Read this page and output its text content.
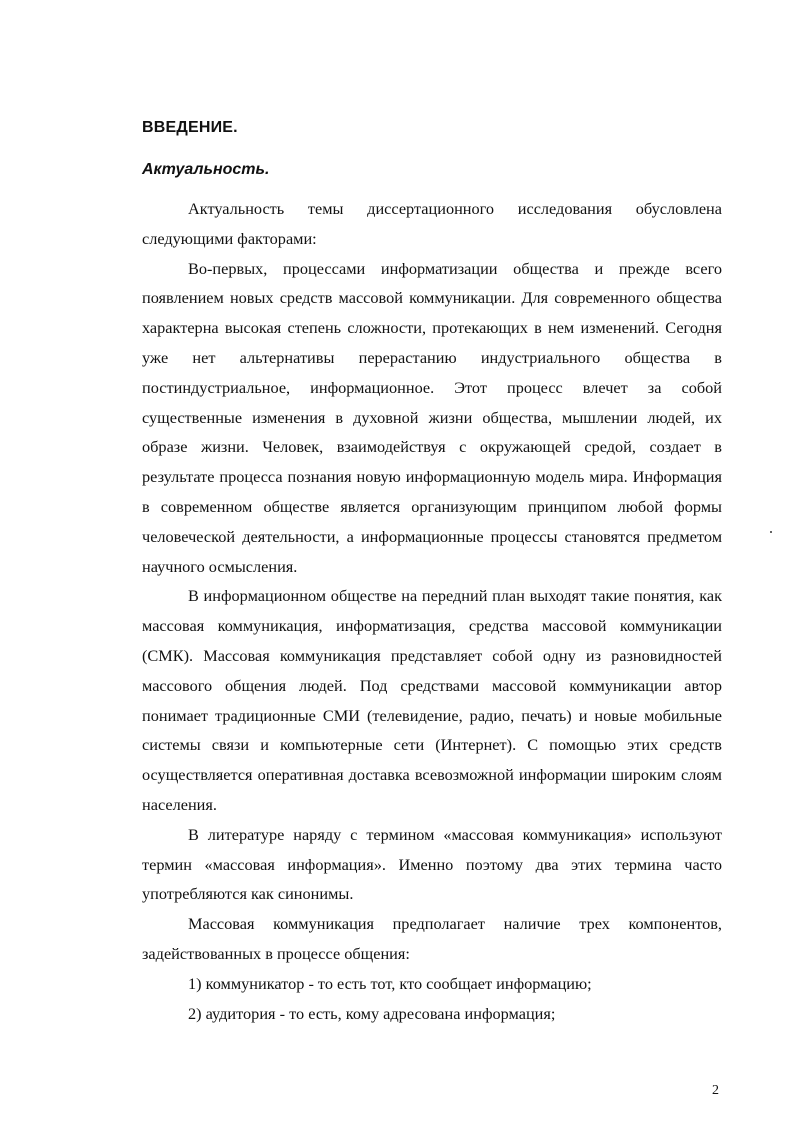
ВВЕДЕНИЕ.
Актуальность.

Актуальность темы диссертационного исследования обусловлена следующими факторами:

Во-первых, процессами информатизации общества и прежде всего появлением новых средств массовой коммуникации. Для современного общества характерна высокая степень сложности, протекающих в нем изменений. Сегодня уже нет альтернативы перерастанию индустриального общества в постиндустриальное, информационное. Этот процесс влечет за собой существенные изменения в духовной жизни общества, мышлении людей, их образе жизни. Человек, взаимодействуя с окружающей средой, создает в результате процесса познания новую информационную модель мира. Информация в современном обществе является организующим принципом любой формы человеческой деятельности, а информационные процессы становятся предметом научного осмысления.

В информационном обществе на передний план выходят такие понятия, как массовая коммуникация, информатизация, средства массовой коммуникации (СМК). Массовая коммуникация представляет собой одну из разновидностей массового общения людей. Под средствами массовой коммуникации автор понимает традиционные СМИ (телевидение, радио, печать) и новые мобильные системы связи и компьютерные сети (Интернет). С помощью этих средств осуществляется оперативная доставка всевозможной информации широким слоям населения.

В литературе наряду с термином «массовая коммуникация» используют термин «массовая информация». Именно поэтому два этих термина часто употребляются как синонимы.

Массовая коммуникация предполагает наличие трех компонентов, задействованных в процессе общения:

1) коммуникатор - то есть тот, кто сообщает информацию;

2) аудитория - то есть, кому адресована информация;

2
